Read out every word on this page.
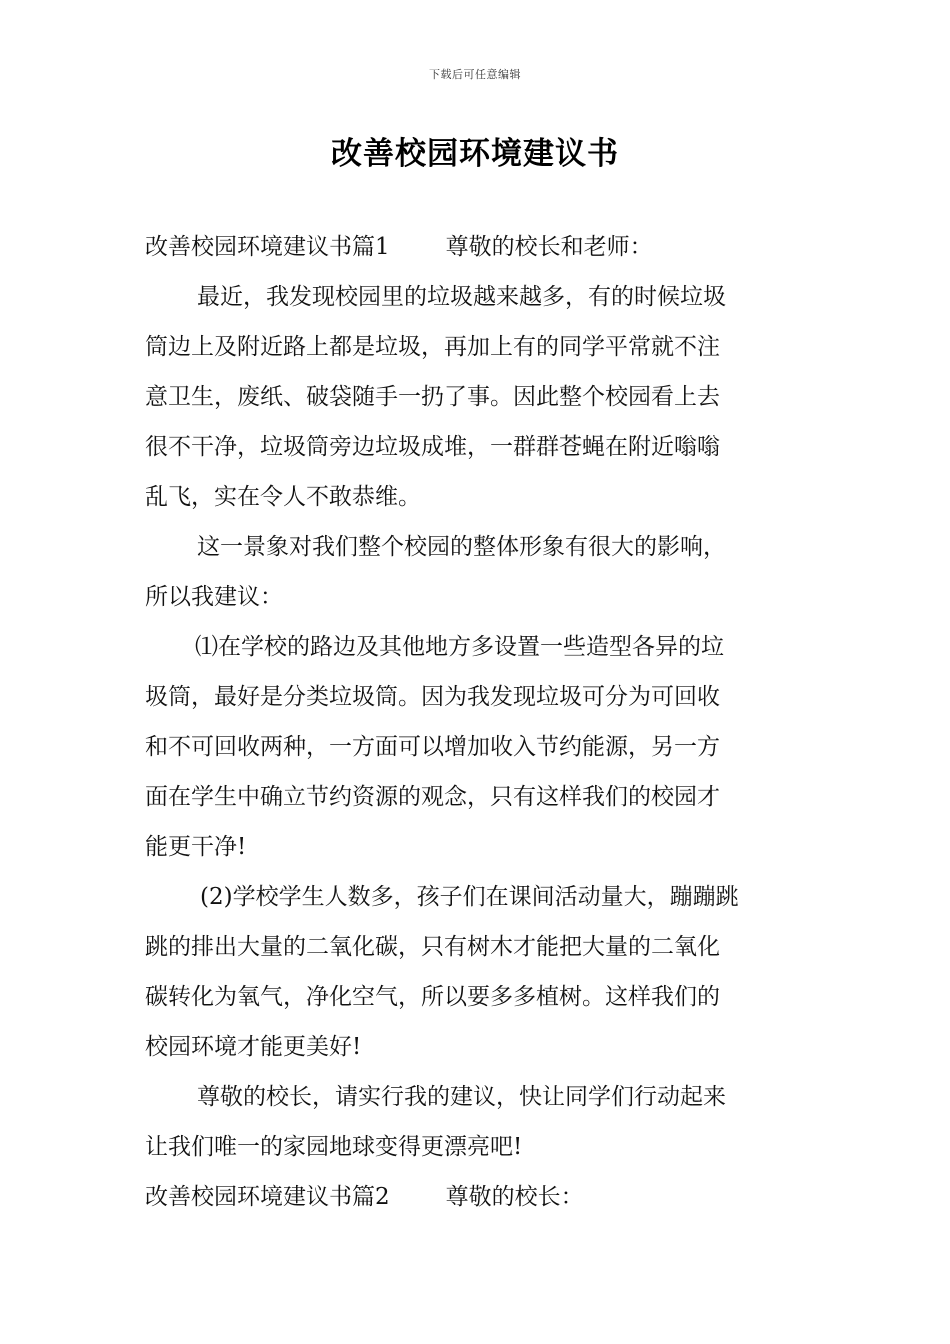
下载后可任意编辑
改善校园环境建议书
改善校园环境建议书篇1 尊敬的校长和老师：
最近，我发现校园里的垃圾越来越多，有的时候垃圾
筒边上及附近路上都是垃圾，再加上有的同学平常就不注
意卫生，废纸、破袋随手一扔了事。因此整个校园看上去
很不干净，垃圾筒旁边垃圾成堆，一群群苍蝇在附近嗡嗡
乱飞，实在令人不敢恭维。
这一景象对我们整个校园的整体形象有很大的影响，
所以我建议：
⑴在学校的路边及其他地方多设置一些造型各异的垃
圾筒，最好是分类垃圾筒。因为我发现垃圾可分为可回收
和不可回收两种，一方面可以增加收入节约能源，另一方
面在学生中确立节约资源的观念，只有这样我们的校园才
能更干净!
(2)学校学生人数多，孩子们在课间活动量大，蹦蹦跳
跳的排出大量的二氧化碳，只有树木才能把大量的二氧化
碳转化为氧气，净化空气，所以要多多植树。这样我们的
校园环境才能更美好!
尊敬的校长，请实行我的建议，快让同学们行动起来
让我们唯一的家园地球变得更漂亮吧!
改善校园环境建议书篇2 尊敬的校长：
